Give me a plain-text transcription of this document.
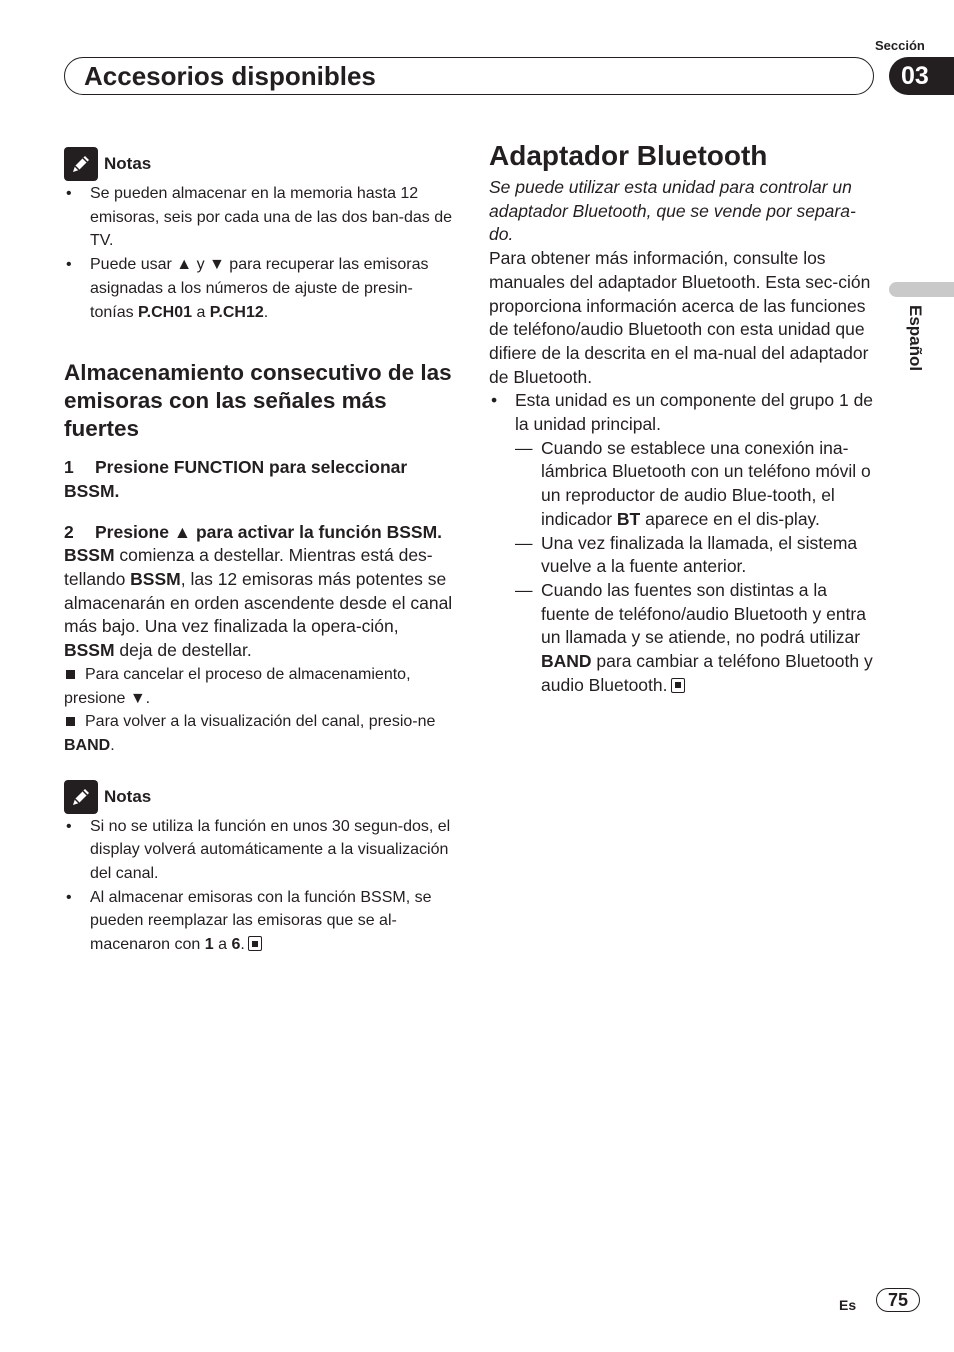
Sección
Accesorios disponibles	03
Español
Notas
• Se pueden almacenar en la memoria hasta 12 emisoras, seis por cada una de las dos ban-das de TV.
• Puede usar ▲ y ▼ para recuperar las emisoras asignadas a los números de ajuste de presin-tonías P.CH01 a P.CH12.
Almacenamiento consecutivo de las emisoras con las señales más fuertes
1 Presione FUNCTION para seleccionar BSSM.
2 Presione ▲ para activar la función BSSM.
BSSM comienza a destellar. Mientras está des-tellando BSSM, las 12 emisoras más potentes se almacenarán en orden ascendente desde el canal más bajo. Una vez finalizada la opera-ción, BSSM deja de destellar.
Para cancelar el proceso de almacenamiento, presione ▼.
Para volver a la visualización del canal, presio-ne BAND.
Notas
• Si no se utiliza la función en unos 30 segun-dos, el display volverá automáticamente a la visualización del canal.
• Al almacenar emisoras con la función BSSM, se pueden reemplazar las emisoras que se al-macenaron con 1 a 6.
Adaptador Bluetooth
Se puede utilizar esta unidad para controlar un adaptador Bluetooth, que se vende por separa-do.
Para obtener más información, consulte los manuales del adaptador Bluetooth. Esta sec-ción proporciona información acerca de las funciones de teléfono/audio Bluetooth con esta unidad que difiere de la descrita en el ma-nual del adaptador de Bluetooth.
• Esta unidad es un componente del grupo 1 de la unidad principal.
— Cuando se establece una conexión ina-lámbrica Bluetooth con un teléfono móvil o un reproductor de audio Blue-tooth, el indicador BT aparece en el dis-play.
— Una vez finalizada la llamada, el sistema vuelve a la fuente anterior.
— Cuando las fuentes son distintas a la fuente de teléfono/audio Bluetooth y entra un llamada y se atiende, no podrá utilizar BAND para cambiar a teléfono Bluetooth y audio Bluetooth.
Es 75
